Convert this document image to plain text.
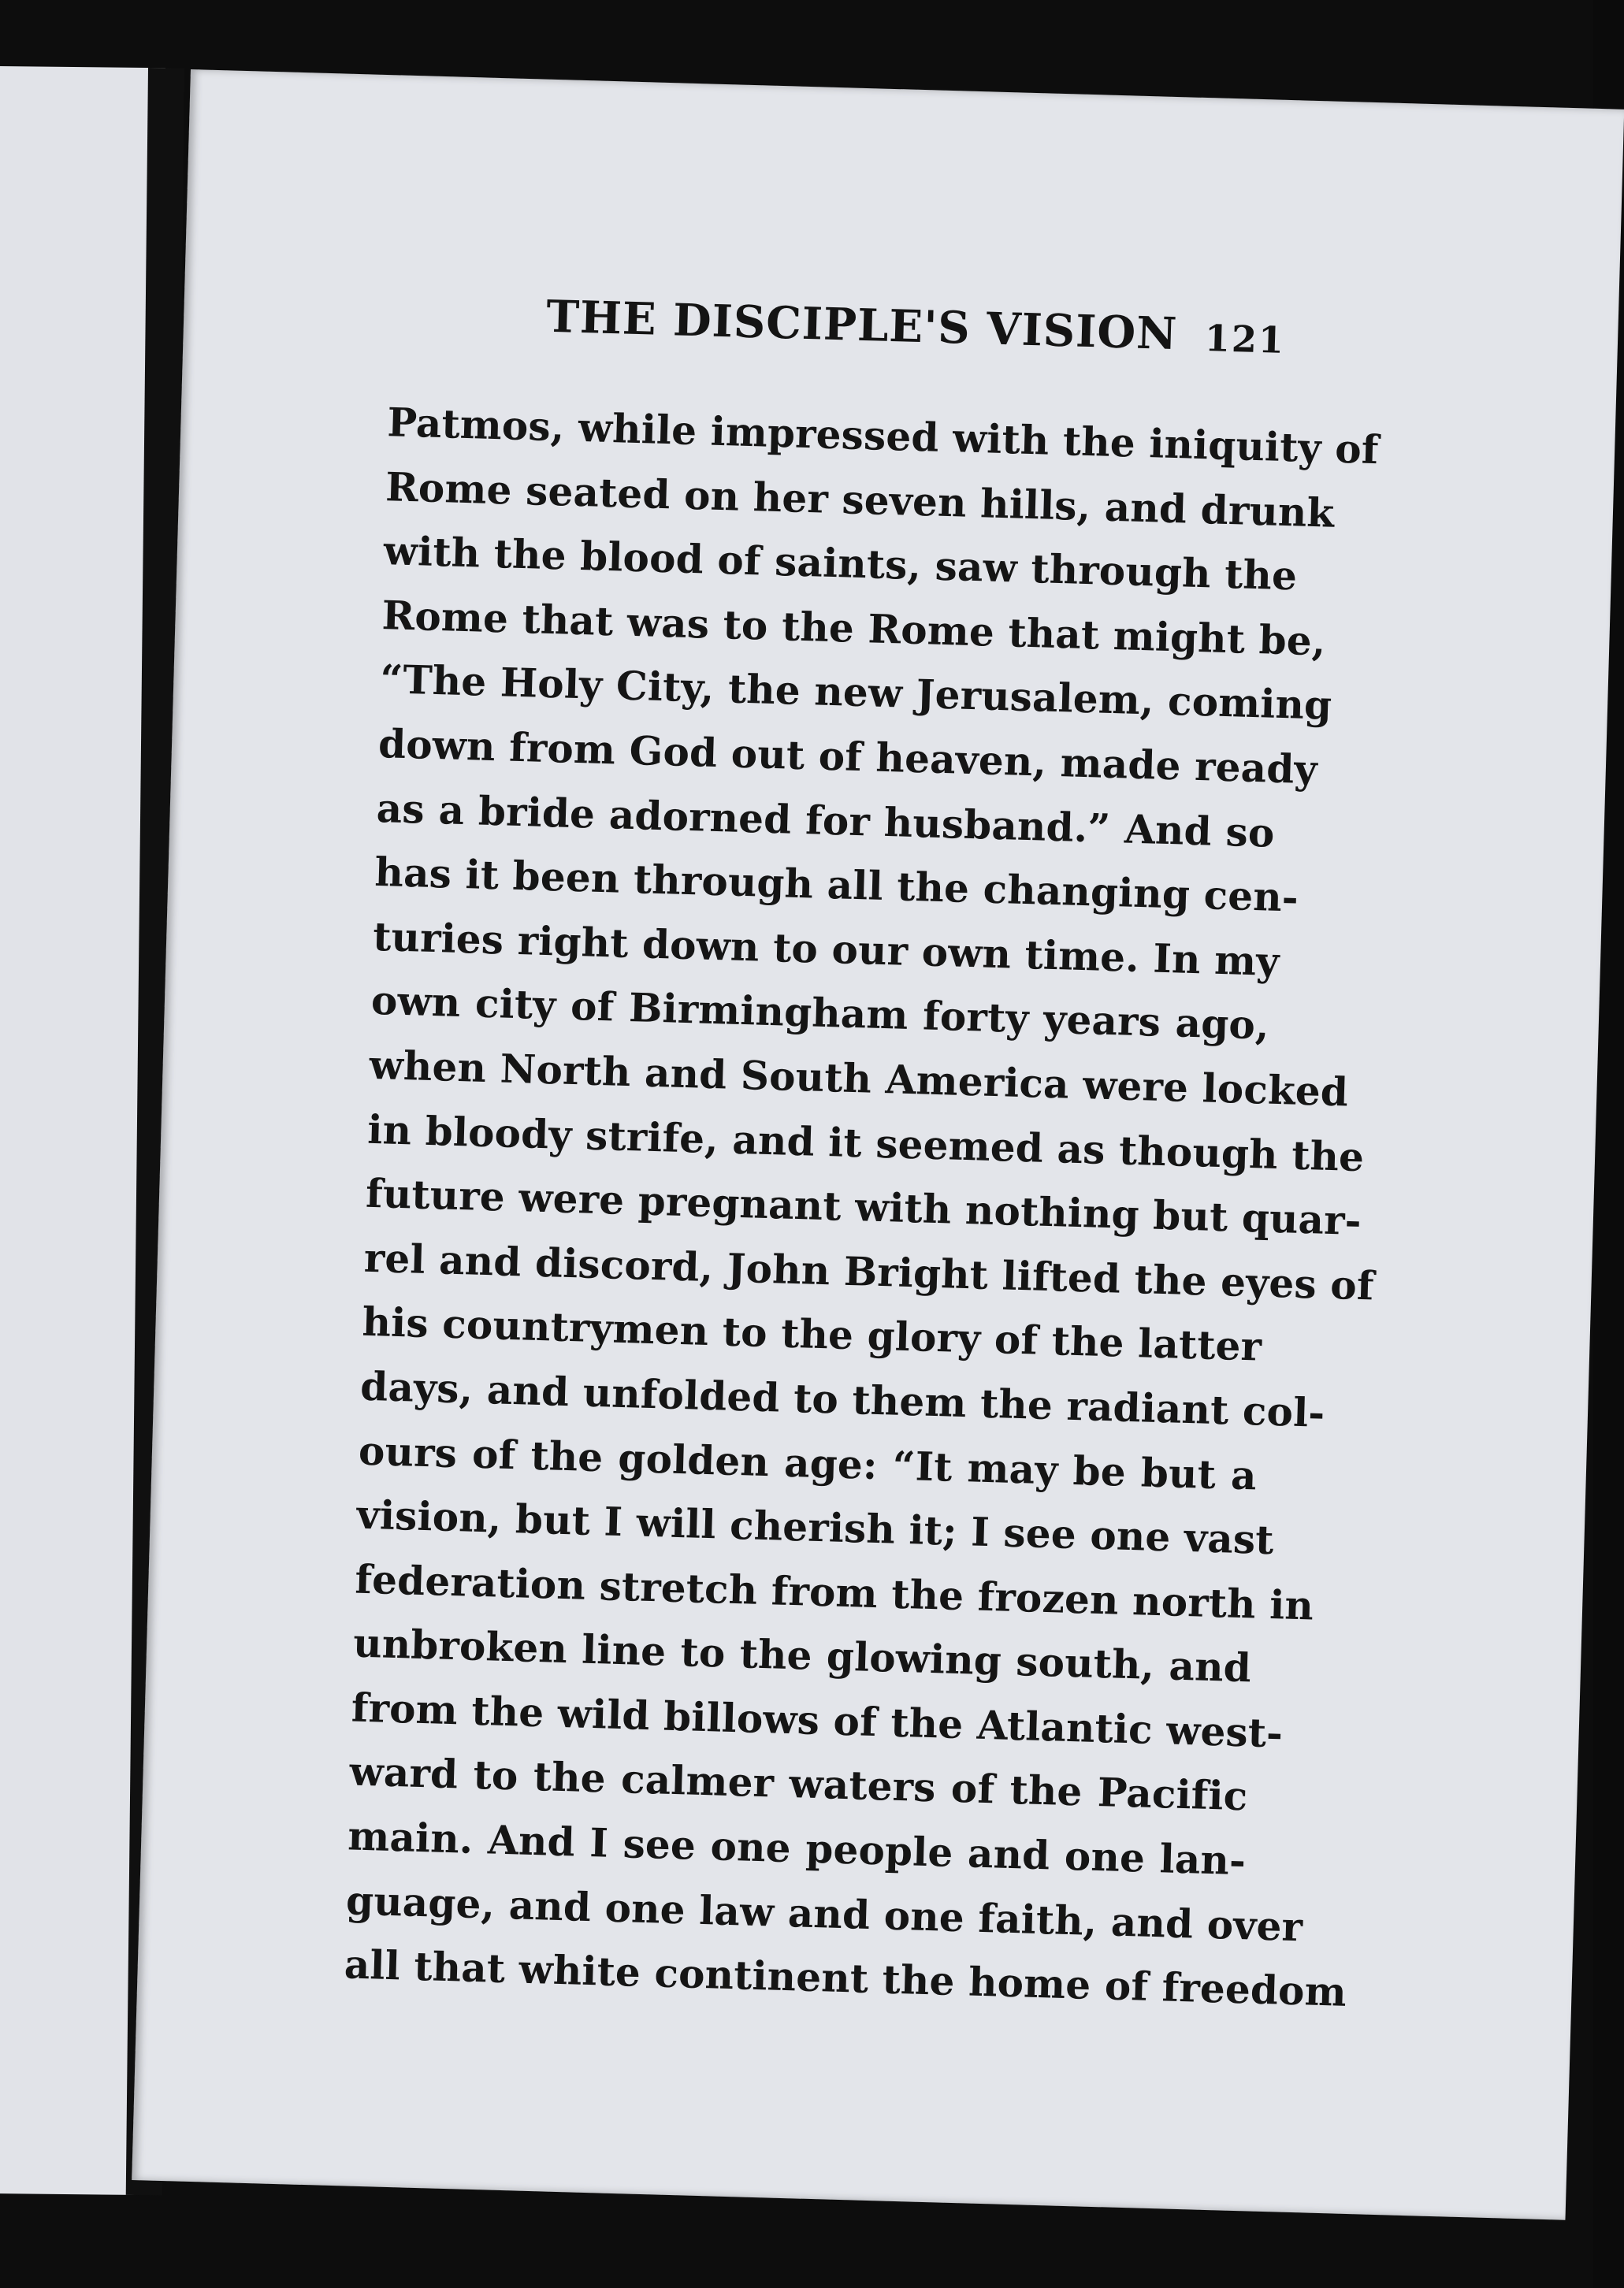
THE DISCIPLE'S VISION 121
Patmos, while impressed with the iniquity of
Rome seated on her seven hills, and drunk
with the blood of saints, saw through the
Rome that was to the Rome that might be,
“The Holy City, the new Jerusalem, coming
down from God out of heaven, made ready
as a bride adorned for husband.” And so
has it been through all the changing cen-
turies right down to our own time. In my
own city of Birmingham forty years ago,
when North and South America were locked
in bloody strife, and it seemed as though the
future were pregnant with nothing but quar-
rel and discord, John Bright lifted the eyes of
his countrymen to the glory of the latter
days, and unfolded to them the radiant col-
ours of the golden age: “It may be but a
vision, but I will cherish it; I see one vast
federation stretch from the frozen north in
unbroken line to the glowing south, and
from the wild billows of the Atlantic west-
ward to the calmer waters of the Pacific
main. And I see one people and one lan-
guage, and one law and one faith, and over
all that white continent the home of freedom
